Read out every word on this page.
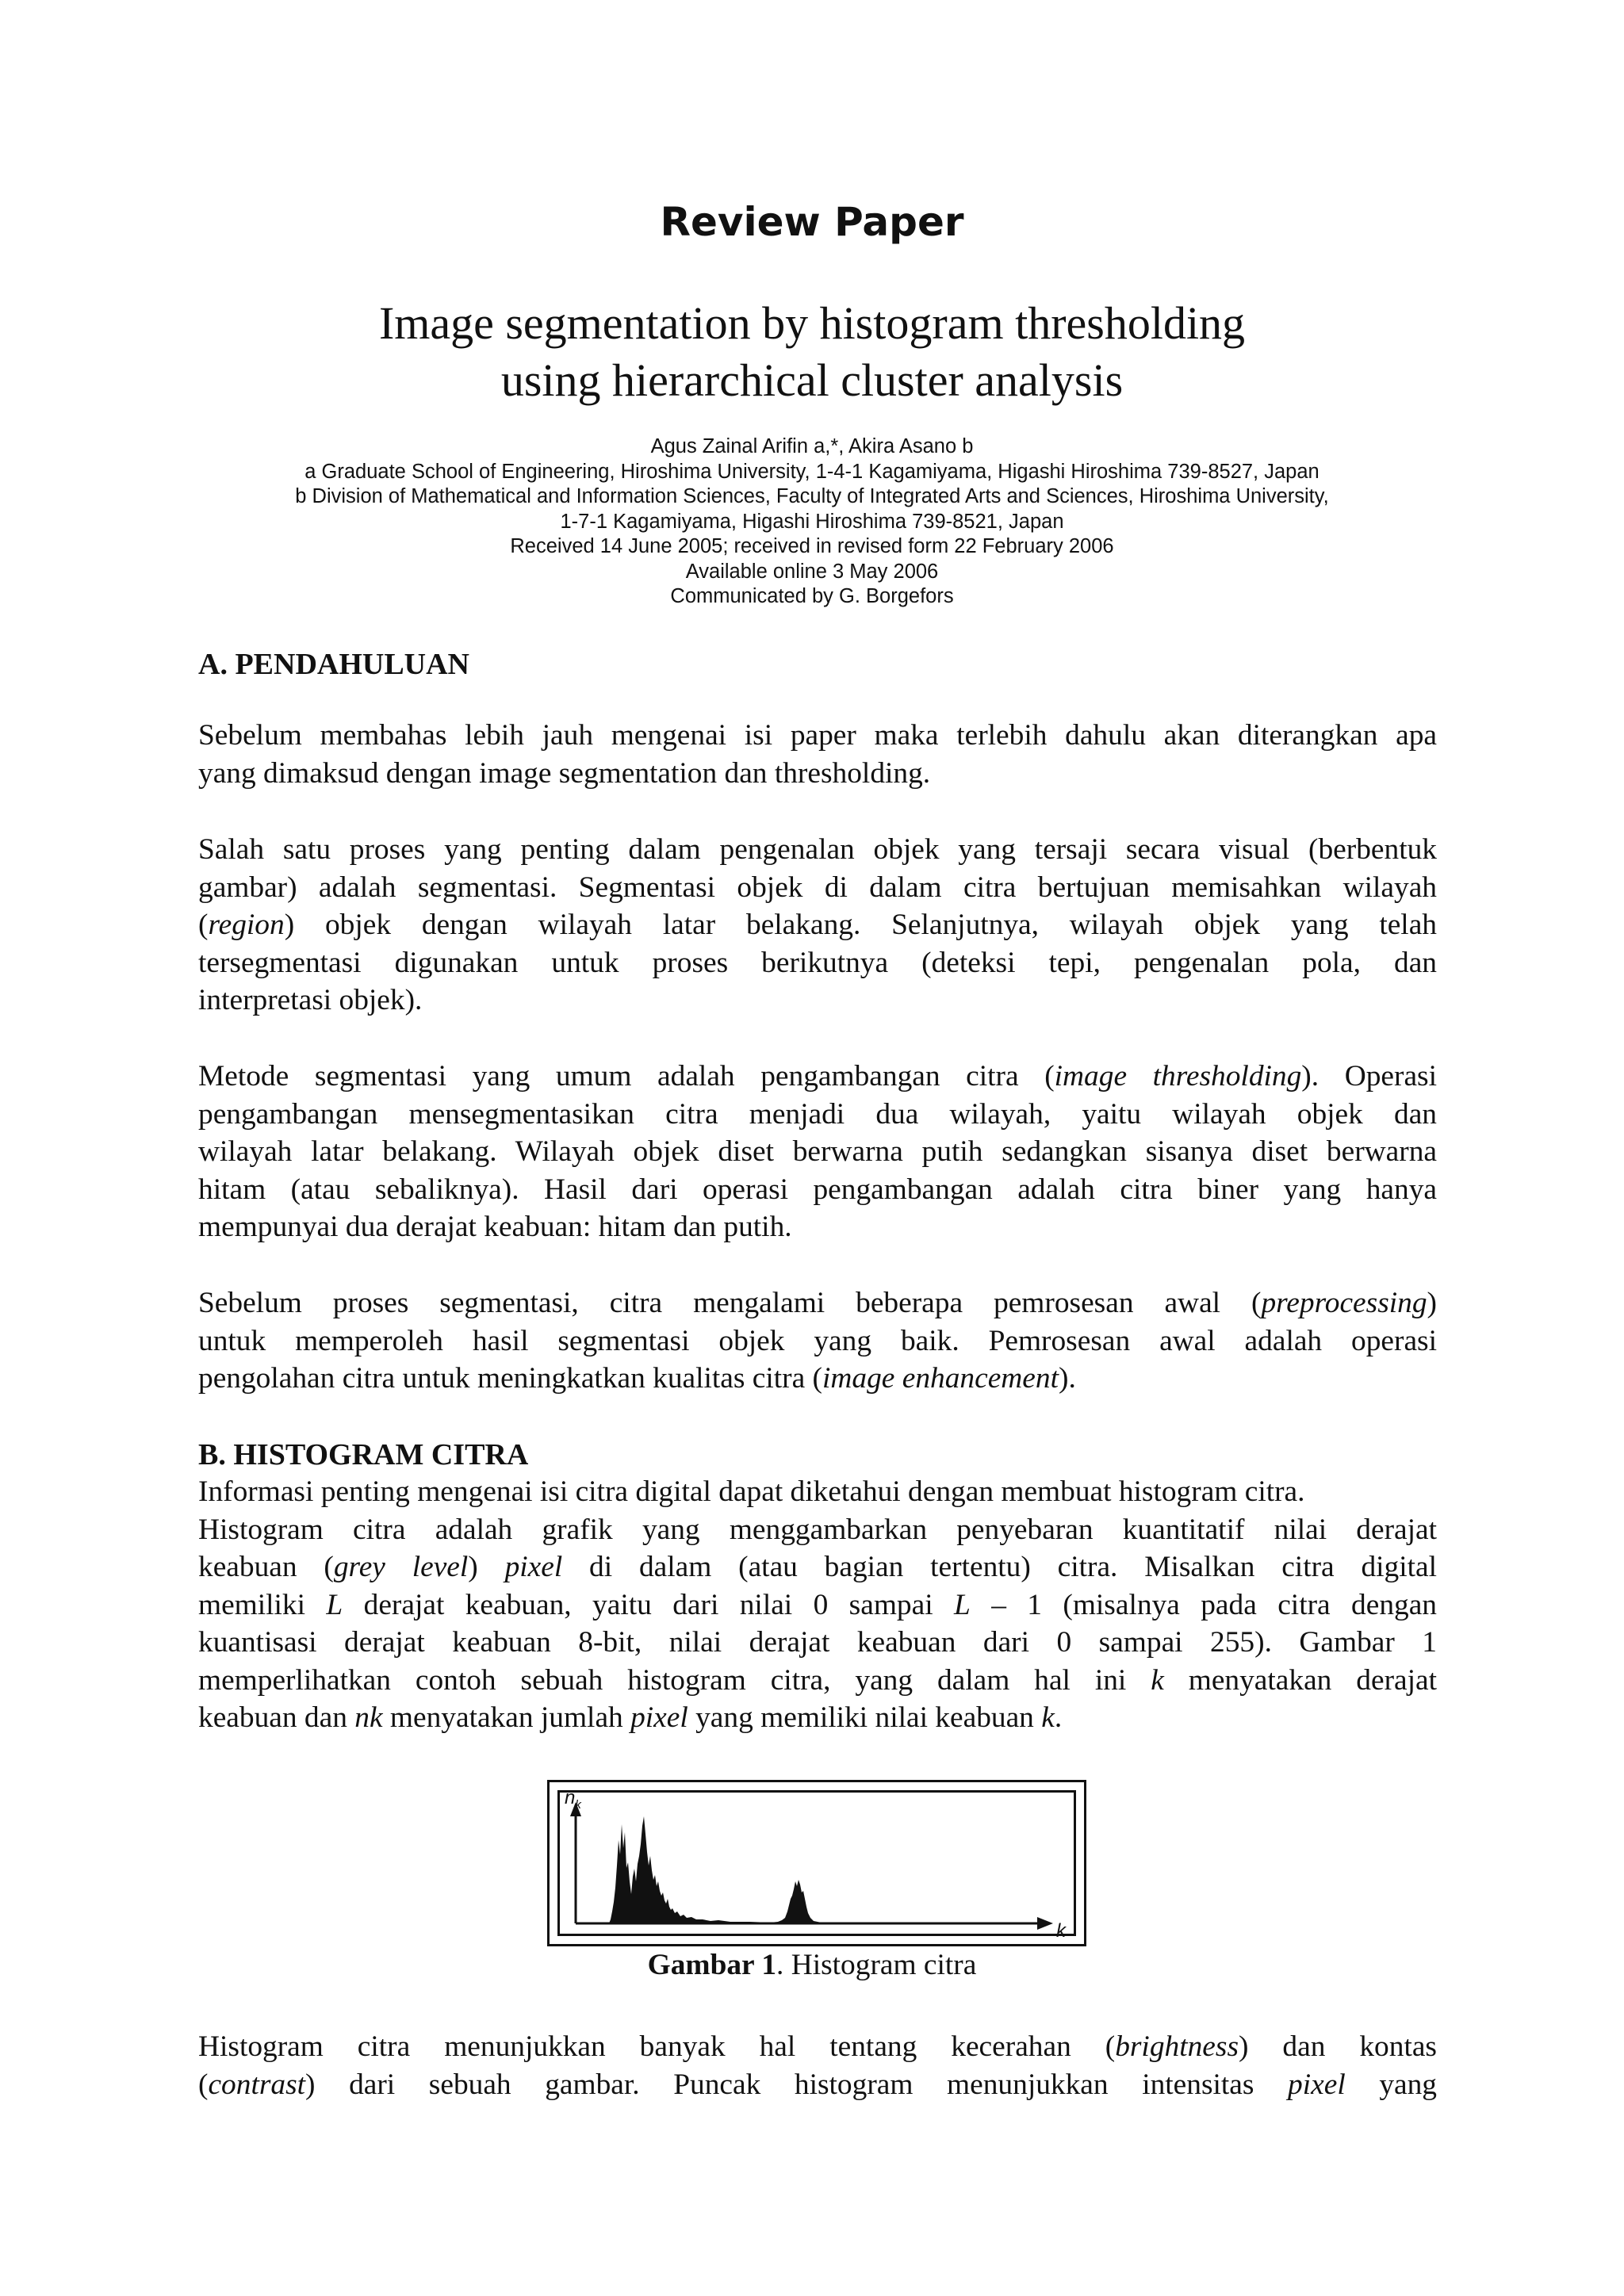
Review Paper
Image segmentation by histogram thresholding
using hierarchical cluster analysis
Agus Zainal Arifin a,*, Akira Asano b
a Graduate School of Engineering, Hiroshima University, 1-4-1 Kagamiyama, Higashi Hiroshima 739-8527, Japan
b Division of Mathematical and Information Sciences, Faculty of Integrated Arts and Sciences, Hiroshima University,
1-7-1 Kagamiyama, Higashi Hiroshima 739-8521, Japan
Received 14 June 2005; received in revised form 22 February 2006
Available online 3 May 2006
Communicated by G. Borgefors
A. PENDAHULUAN
Sebelum membahas lebih jauh mengenai isi paper maka terlebih dahulu akan diterangkan apa
yang dimaksud dengan image segmentation dan thresholding.
Salah satu proses yang penting dalam pengenalan objek yang tersaji secara visual (berbentuk
gambar) adalah segmentasi. Segmentasi objek di dalam citra bertujuan memisahkan wilayah
(region) objek dengan wilayah latar belakang. Selanjutnya, wilayah objek yang telah
tersegmentasi digunakan untuk proses berikutnya (deteksi tepi, pengenalan pola, dan
interpretasi objek).
Metode segmentasi yang umum adalah pengambangan citra (image thresholding). Operasi
pengambangan mensegmentasikan citra menjadi dua wilayah, yaitu wilayah objek dan
wilayah latar belakang. Wilayah objek diset berwarna putih sedangkan sisanya diset berwarna
hitam (atau sebaliknya). Hasil dari operasi pengambangan adalah citra biner yang hanya
mempunyai dua derajat keabuan: hitam dan putih.
Sebelum proses segmentasi, citra mengalami beberapa pemrosesan awal (preprocessing)
untuk memperoleh hasil segmentasi objek yang baik. Pemrosesan awal adalah operasi
pengolahan citra untuk meningkatkan kualitas citra (image enhancement).
B. HISTOGRAM CITRA
Informasi penting mengenai isi citra digital dapat diketahui dengan membuat histogram citra.
Histogram citra adalah grafik yang menggambarkan penyebaran kuantitatif nilai derajat
keabuan (grey level) pixel di dalam (atau bagian tertentu) citra. Misalkan citra digital
memiliki L derajat keabuan, yaitu dari nilai 0 sampai L – 1 (misalnya pada citra dengan
kuantisasi derajat keabuan 8-bit, nilai derajat keabuan dari 0 sampai 255). Gambar 1
memperlihatkan contoh sebuah histogram citra, yang dalam hal ini k menyatakan derajat
keabuan dan nk menyatakan jumlah pixel yang memiliki nilai keabuan k.
$n_k$
k
Gambar 1. Histogram citra
Histogram citra menunjukkan banyak hal tentang kecerahan (brightness) dan kontas
(contrast) dari sebuah gambar. Puncak histogram menunjukkan intensitas pixel yang
